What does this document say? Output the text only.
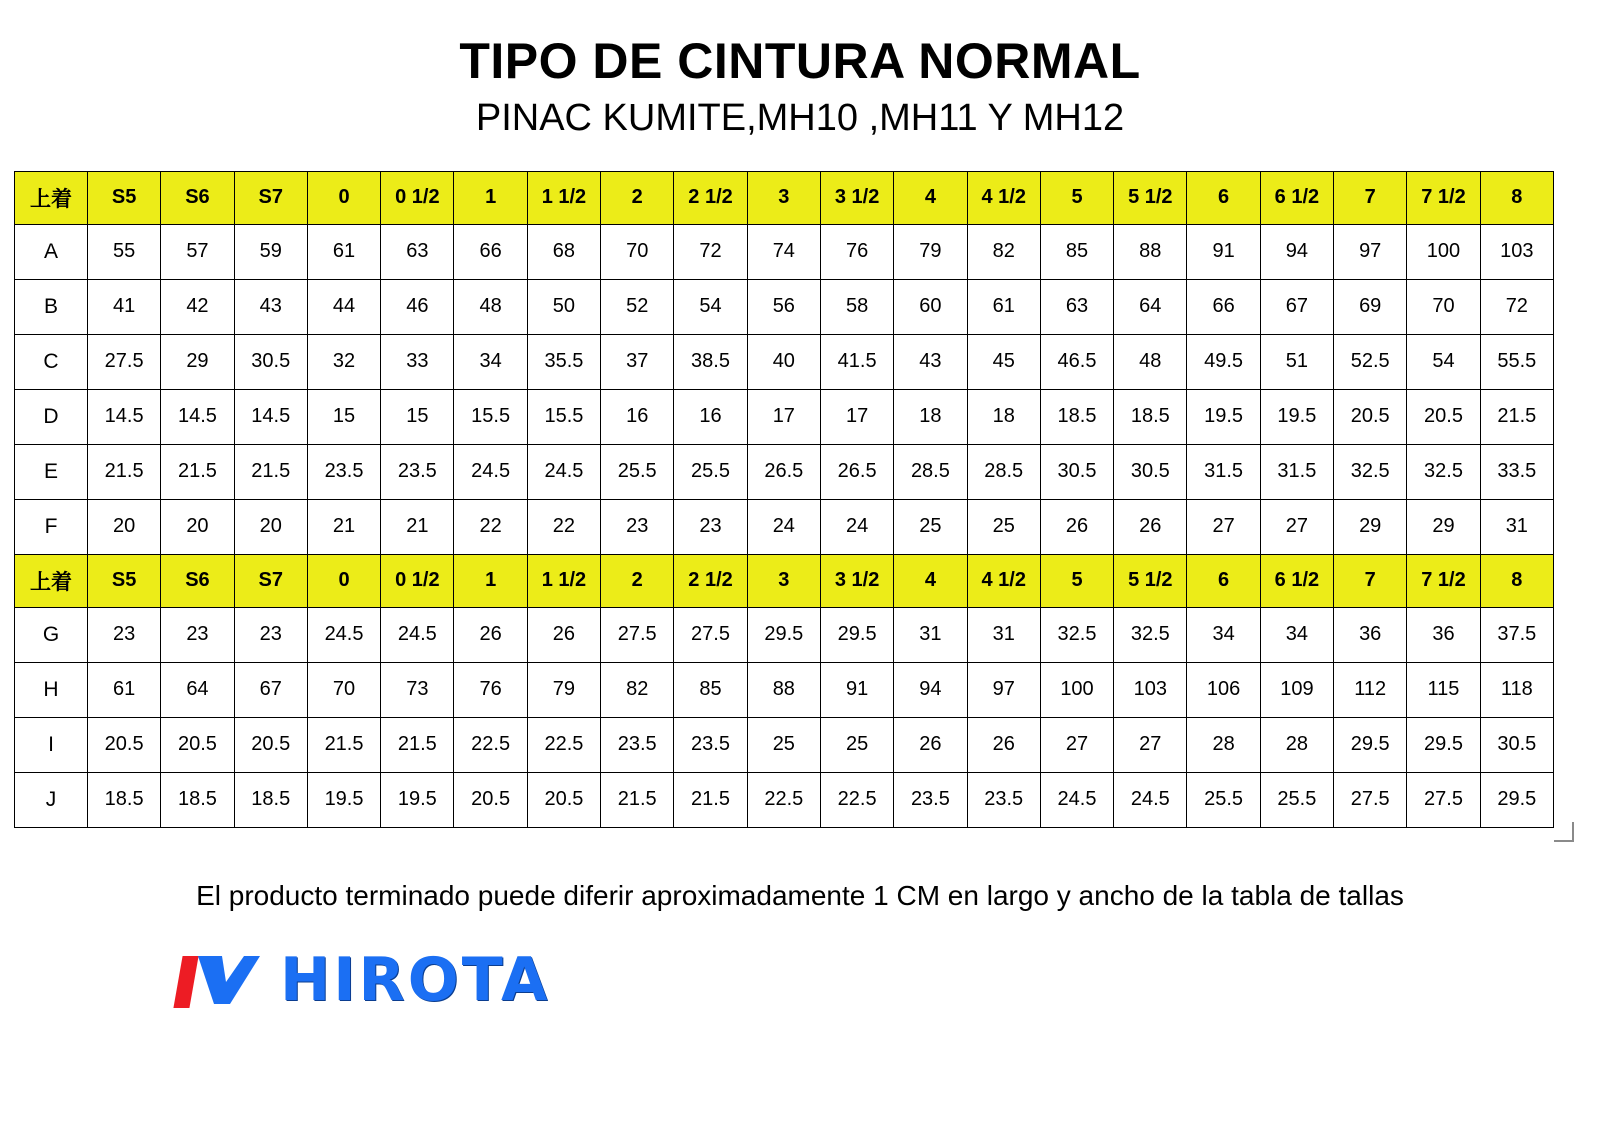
TIPO DE CINTURA NORMAL
PINAC KUMITE,MH10 ,MH11 Y MH12
上着	S5	S6	S7	0	0 1/2	1	1 1/2	2	2 1/2	3	3 1/2	4	4 1/2	5	5 1/2	6	6 1/2	7	7 1/2	8
A	55	57	59	61	63	66	68	70	72	74	76	79	82	85	88	91	94	97	100	103
B	41	42	43	44	46	48	50	52	54	56	58	60	61	63	64	66	67	69	70	72
C	27.5	29	30.5	32	33	34	35.5	37	38.5	40	41.5	43	45	46.5	48	49.5	51	52.5	54	55.5
D	14.5	14.5	14.5	15	15	15.5	15.5	16	16	17	17	18	18	18.5	18.5	19.5	19.5	20.5	20.5	21.5
E	21.5	21.5	21.5	23.5	23.5	24.5	24.5	25.5	25.5	26.5	26.5	28.5	28.5	30.5	30.5	31.5	31.5	32.5	32.5	33.5
F	20	20	20	21	21	22	22	23	23	24	24	25	25	26	26	27	27	29	29	31
上着	S5	S6	S7	0	0 1/2	1	1 1/2	2	2 1/2	3	3 1/2	4	4 1/2	5	5 1/2	6	6 1/2	7	7 1/2	8
G	23	23	23	24.5	24.5	26	26	27.5	27.5	29.5	29.5	31	31	32.5	32.5	34	34	36	36	37.5
H	61	64	67	70	73	76	79	82	85	88	91	94	97	100	103	106	109	112	115	118
I	20.5	20.5	20.5	21.5	21.5	22.5	22.5	23.5	23.5	25	25	26	26	27	27	28	28	29.5	29.5	30.5
J	18.5	18.5	18.5	19.5	19.5	20.5	20.5	21.5	21.5	22.5	22.5	23.5	23.5	24.5	24.5	25.5	25.5	27.5	27.5	29.5

El producto terminado puede diferir aproximadamente 1 CM en largo y ancho de la tabla de tallas

HIROTA
